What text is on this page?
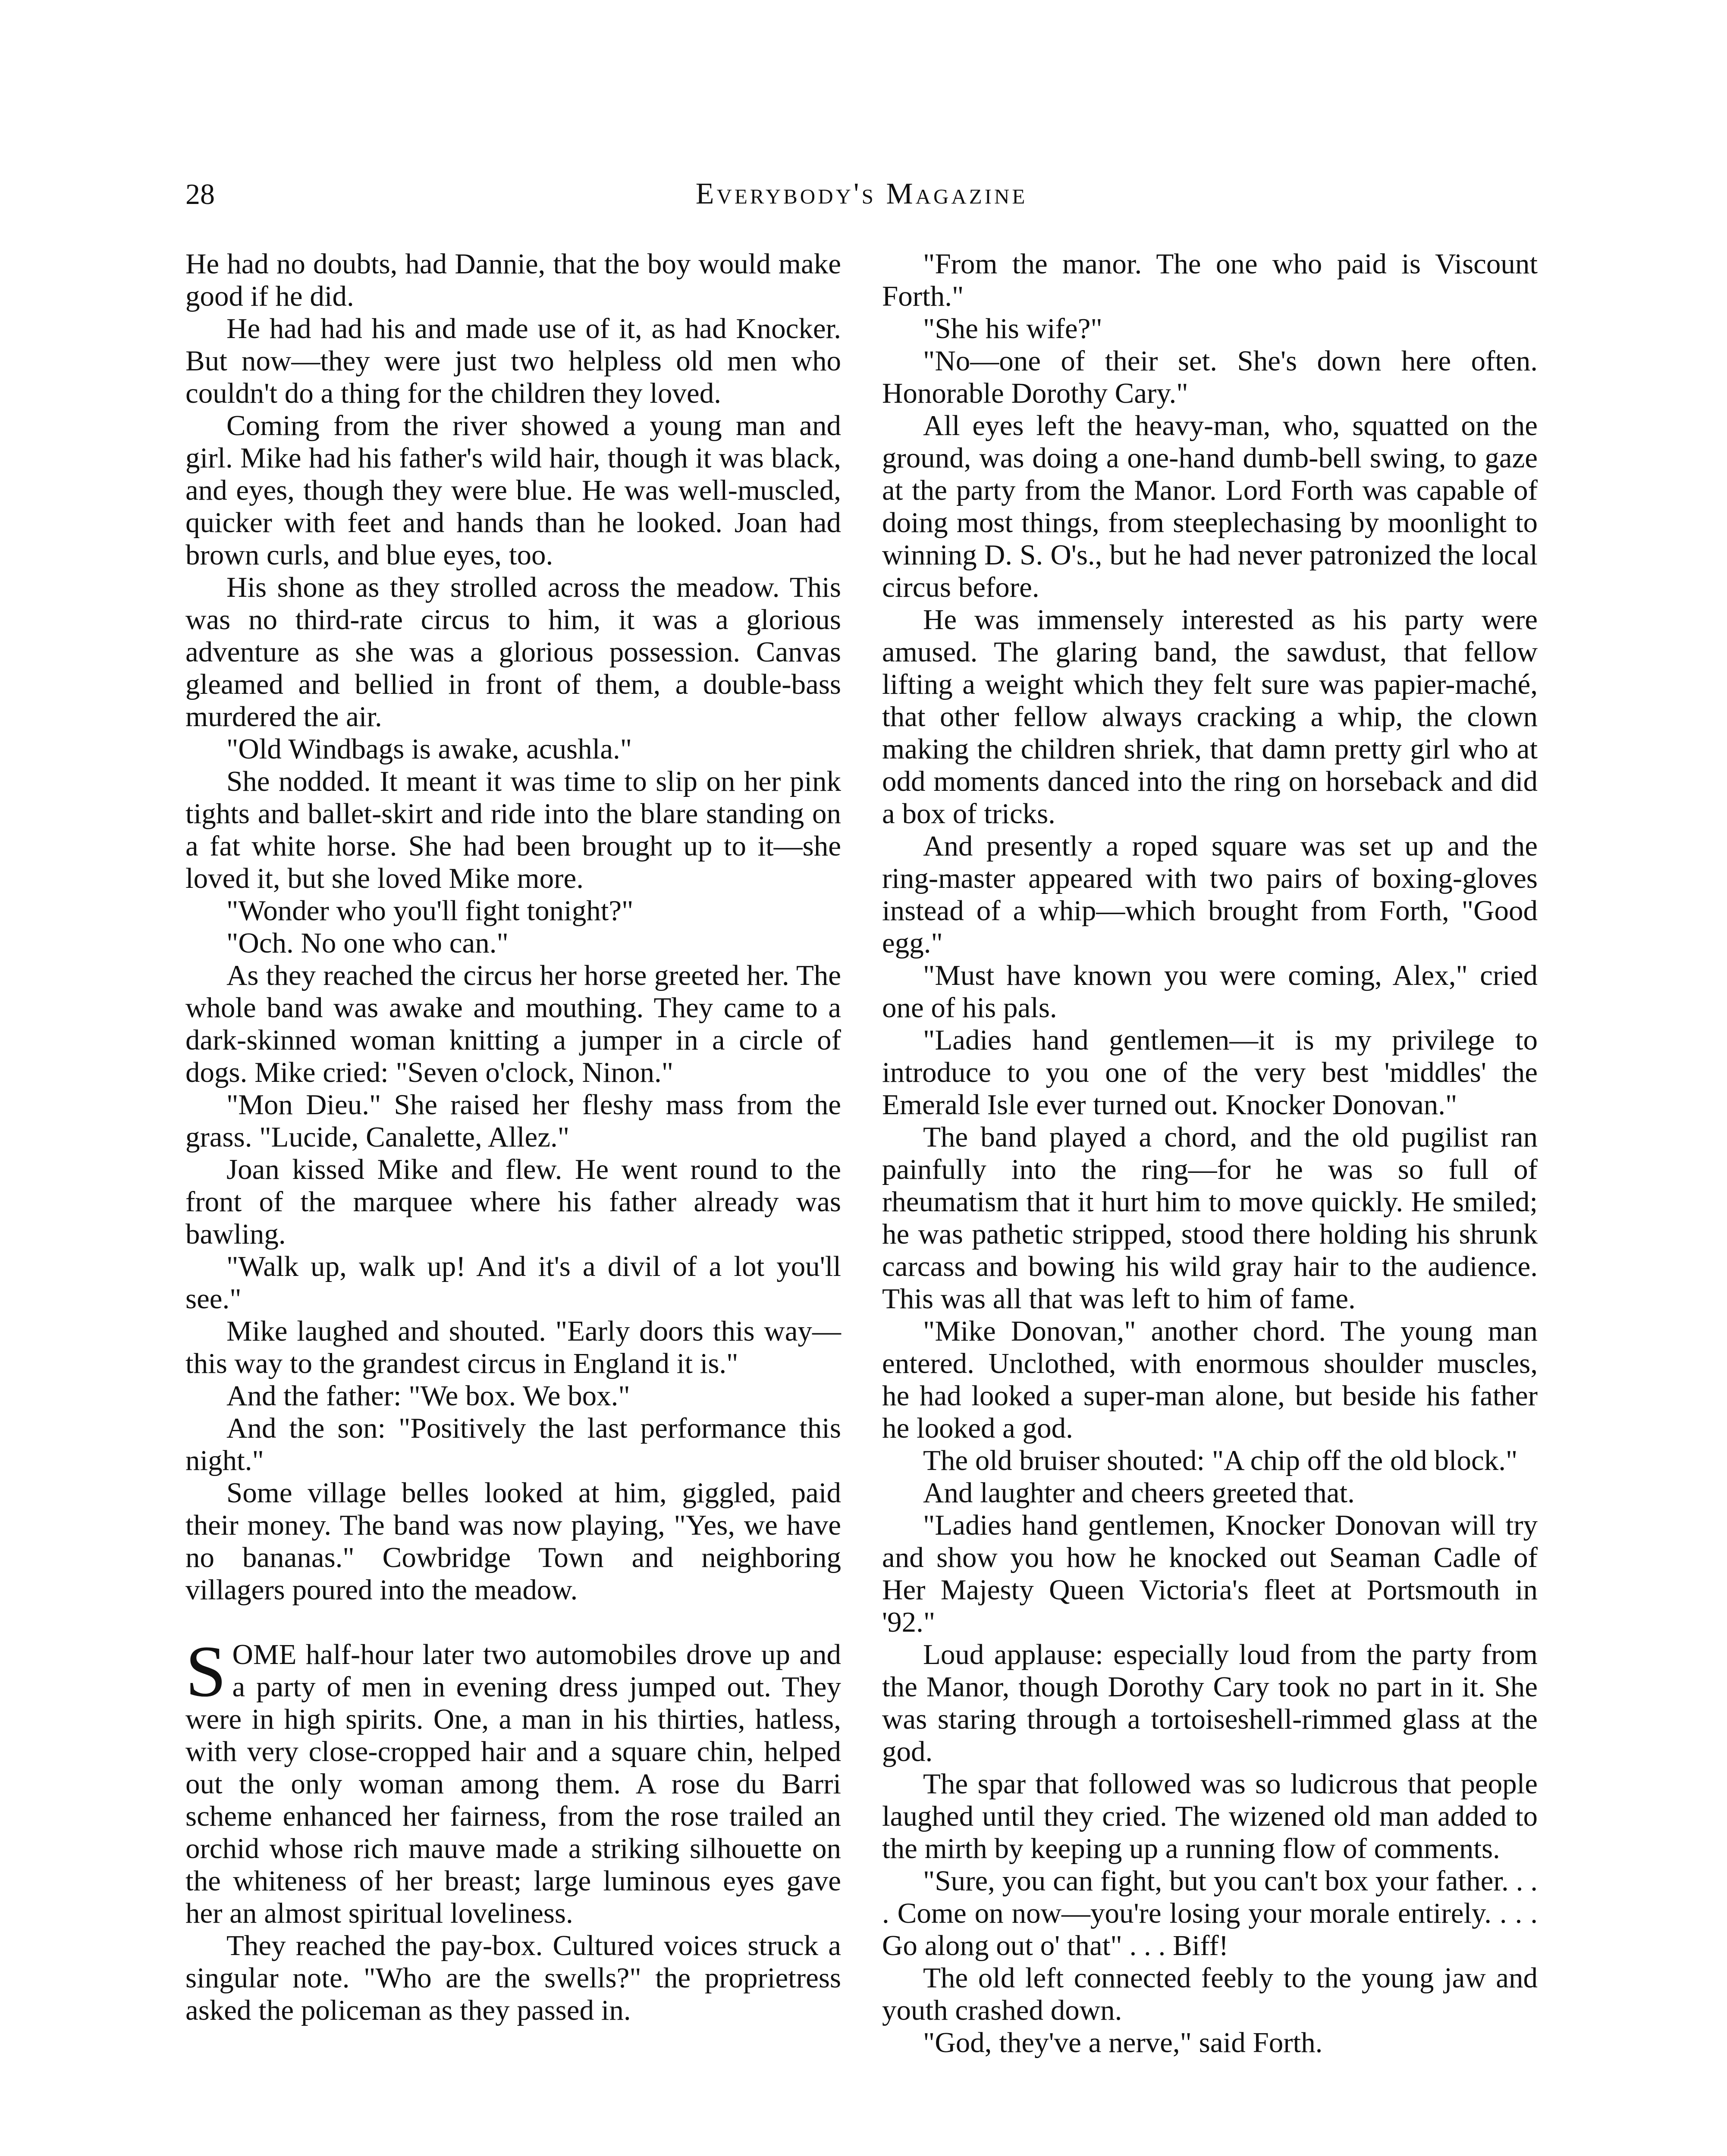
28	Everybody's Magazine

He had no doubts, had Dannie, that the boy would make good if he did.

He had had his and made use of it, as had Knocker. But now—they were just two helpless old men who couldn't do a thing for the children they loved.

Coming from the river showed a young man and girl. Mike had his father's wild hair, though it was black, and eyes, though they were blue. He was well-muscled, quicker with feet and hands than he looked. Joan had brown curls, and blue eyes, too.

His shone as they strolled across the meadow. This was no third-rate circus to him, it was a glorious adventure as she was a glorious possession. Canvas gleamed and bellied in front of them, a double-bass murdered the air.

"Old Windbags is awake, acushla."

She nodded. It meant it was time to slip on her pink tights and ballet-skirt and ride into the blare standing on a fat white horse. She had been brought up to it—she loved it, but she loved Mike more.

"Wonder who you'll fight tonight?"

"Och. No one who can."

As they reached the circus her horse greeted her. The whole band was awake and mouthing. They came to a dark-skinned woman knitting a jumper in a circle of dogs. Mike cried: "Seven o'clock, Ninon."

"Mon Dieu." She raised her fleshy mass from the grass. "Lucide, Canalette, Allez."

Joan kissed Mike and flew. He went round to the front of the marquee where his father already was bawling.

"Walk up, walk up! And it's a divil of a lot you'll see."

Mike laughed and shouted. "Early doors this way—this way to the grandest circus in England it is."

And the father: "We box. We box."

And the son: "Positively the last performance this night."

Some village belles looked at him, giggled, paid their money. The band was now playing, "Yes, we have no bananas." Cowbridge Town and neighboring villagers poured into the meadow.

SOME half-hour later two automobiles drove up and a party of men in evening dress jumped out. They were in high spirits. One, a man in his thirties, hatless, with very close-cropped hair and a square chin, helped out the only woman among them. A rose du Barri scheme enhanced her fairness, from the rose trailed an orchid whose rich mauve made a striking silhouette on the whiteness of her breast; large luminous eyes gave her an almost spiritual loveliness.

They reached the pay-box. Cultured voices struck a singular note. "Who are the swells?" the proprietress asked the policeman as they passed in.

"From the manor. The one who paid is Viscount Forth."

"She his wife?"

"No—one of their set. She's down here often. Honorable Dorothy Cary."

All eyes left the heavy-man, who, squatted on the ground, was doing a one-hand dumb-bell swing, to gaze at the party from the Manor. Lord Forth was capable of doing most things, from steeplechasing by moonlight to winning D. S. O's., but he had never patronized the local circus before.

He was immensely interested as his party were amused. The glaring band, the sawdust, that fellow lifting a weight which they felt sure was papier-maché, that other fellow always cracking a whip, the clown making the children shriek, that damn pretty girl who at odd moments danced into the ring on horseback and did a box of tricks.

And presently a roped square was set up and the ring-master appeared with two pairs of boxing-gloves instead of a whip—which brought from Forth, "Good egg."

"Must have known you were coming, Alex," cried one of his pals.

"Ladies hand gentlemen—it is my privilege to introduce to you one of the very best 'middles' the Emerald Isle ever turned out. Knocker Donovan."

The band played a chord, and the old pugilist ran painfully into the ring—for he was so full of rheumatism that it hurt him to move quickly. He smiled; he was pathetic stripped, stood there holding his shrunk carcass and bowing his wild gray hair to the audience. This was all that was left to him of fame.

"Mike Donovan," another chord. The young man entered. Unclothed, with enormous shoulder muscles, he had looked a super-man alone, but beside his father he looked a god.

The old bruiser shouted: "A chip off the old block."

And laughter and cheers greeted that.

"Ladies hand gentlemen, Knocker Donovan will try and show you how he knocked out Seaman Cadle of Her Majesty Queen Victoria's fleet at Portsmouth in '92."

Loud applause: especially loud from the party from the Manor, though Dorothy Cary took no part in it. She was staring through a tortoiseshell-rimmed glass at the god.

The spar that followed was so ludicrous that people laughed until they cried. The wizened old man added to the mirth by keeping up a running flow of comments.

"Sure, you can fight, but you can't box your father. . . . Come on now—you're losing your morale entirely. . . . Go along out o' that" . . . Biff!

The old left connected feebly to the young jaw and youth crashed down.

"God, they've a nerve," said Forth.
